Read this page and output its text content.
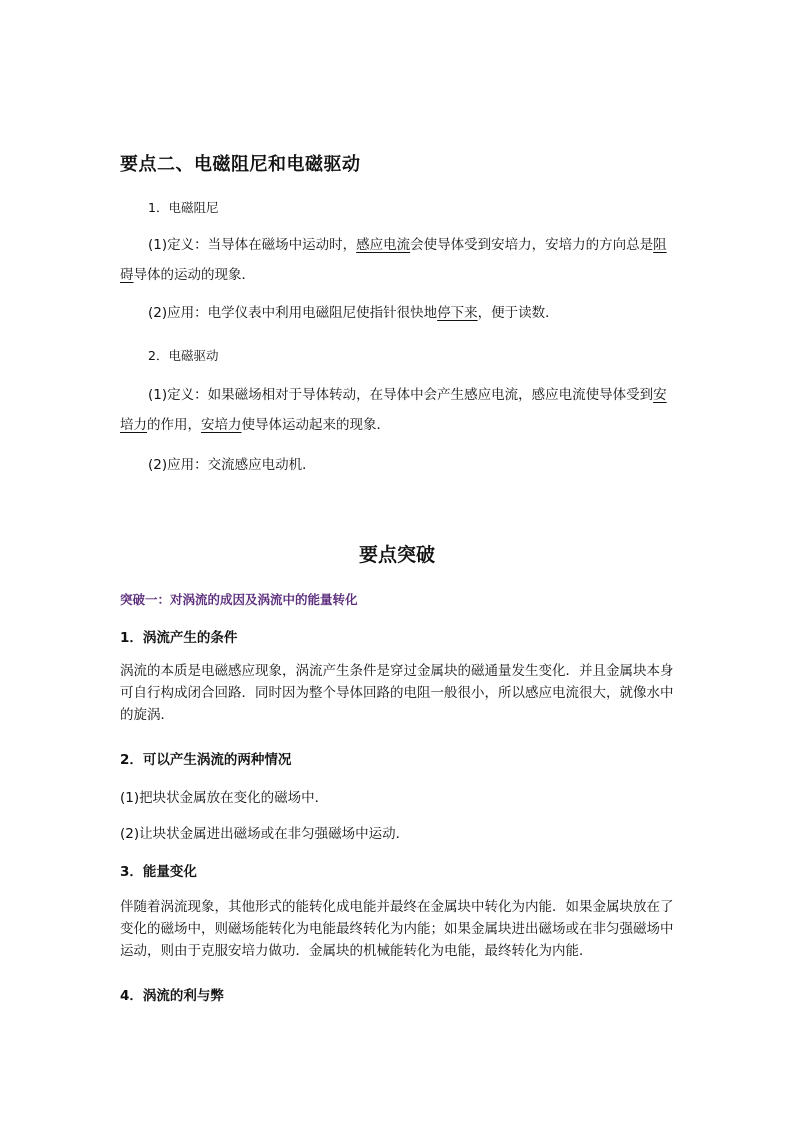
要点二、电磁阻尼和电磁驱动

1．电磁阻尼

(1)定义：当导体在磁场中运动时，感应电流会使导体受到安培力，安培力的方向总是阻碍导体的运动的现象．

(2)应用：电学仪表中利用电磁阻尼使指针很快地停下来，便于读数．

2．电磁驱动

(1)定义：如果磁场相对于导体转动，在导体中会产生感应电流，感应电流使导体受到安培力的作用，安培力使导体运动起来的现象．

(2)应用：交流感应电动机．

要点突破

突破一：对涡流的成因及涡流中的能量转化

1．涡流产生的条件

涡流的本质是电磁感应现象，涡流产生条件是穿过金属块的磁通量发生变化．并且金属块本身可自行构成闭合回路．同时因为整个导体回路的电阻一般很小，所以感应电流很大，就像水中的旋涡．

2．可以产生涡流的两种情况

(1)把块状金属放在变化的磁场中．

(2)让块状金属进出磁场或在非匀强磁场中运动．

3．能量变化

伴随着涡流现象，其他形式的能转化成电能并最终在金属块中转化为内能．如果金属块放在了变化的磁场中，则磁场能转化为电能最终转化为内能；如果金属块进出磁场或在非匀强磁场中运动，则由于克服安培力做功．金属块的机械能转化为电能，最终转化为内能．

4．涡流的利与弊
